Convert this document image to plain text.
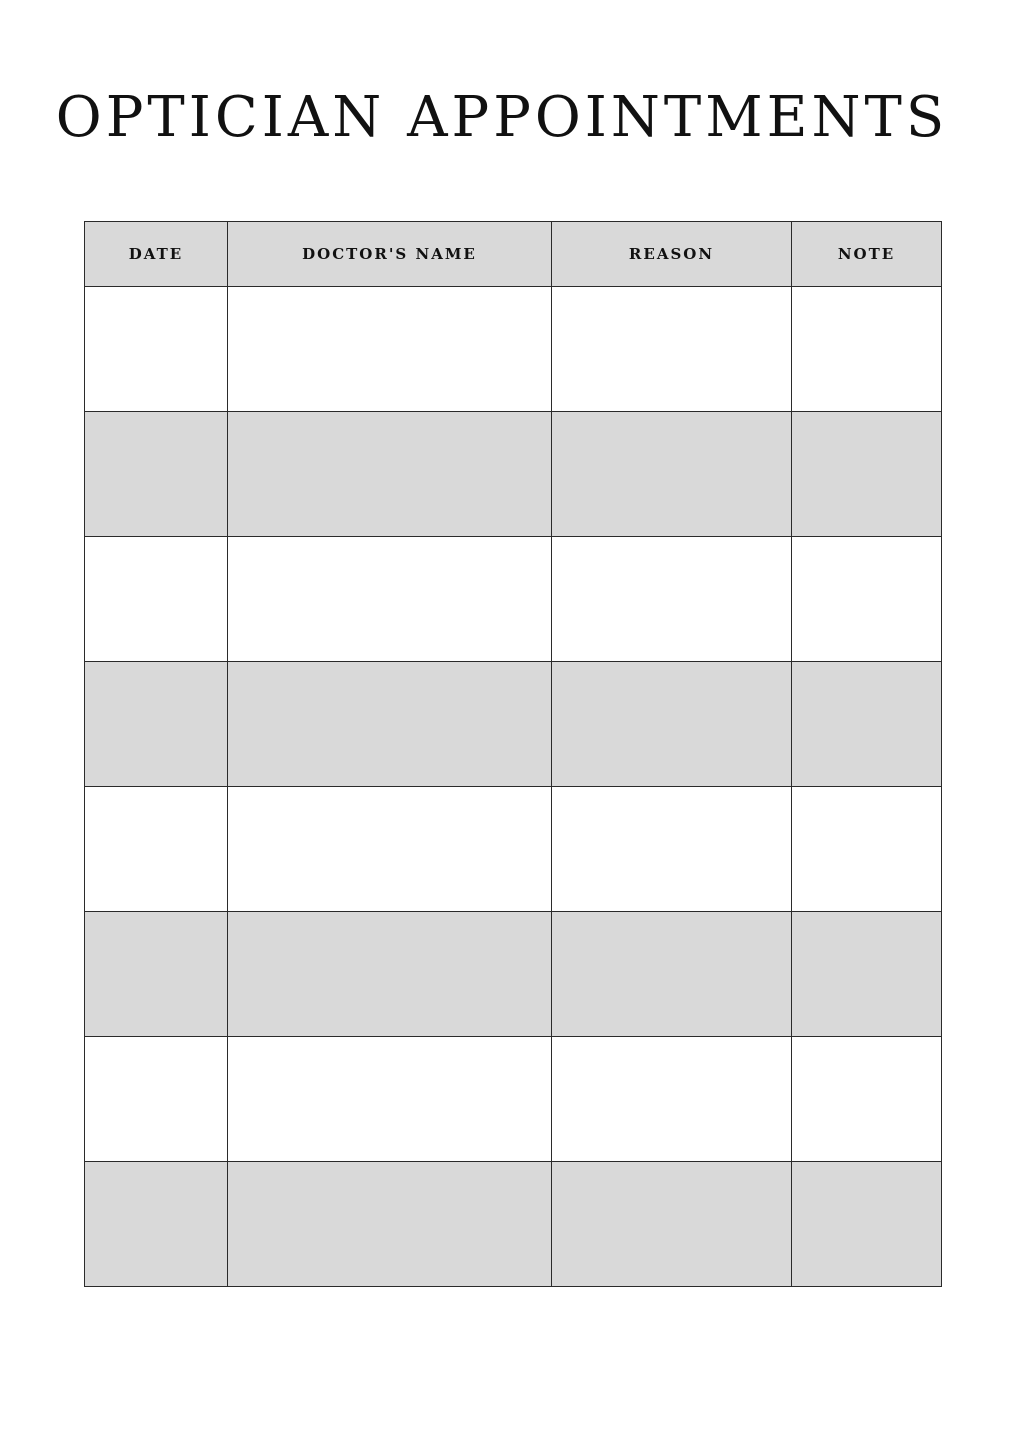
OPTICIAN APPOINTMENTS
DATE	DOCTOR'S NAME	REASON	NOTE
